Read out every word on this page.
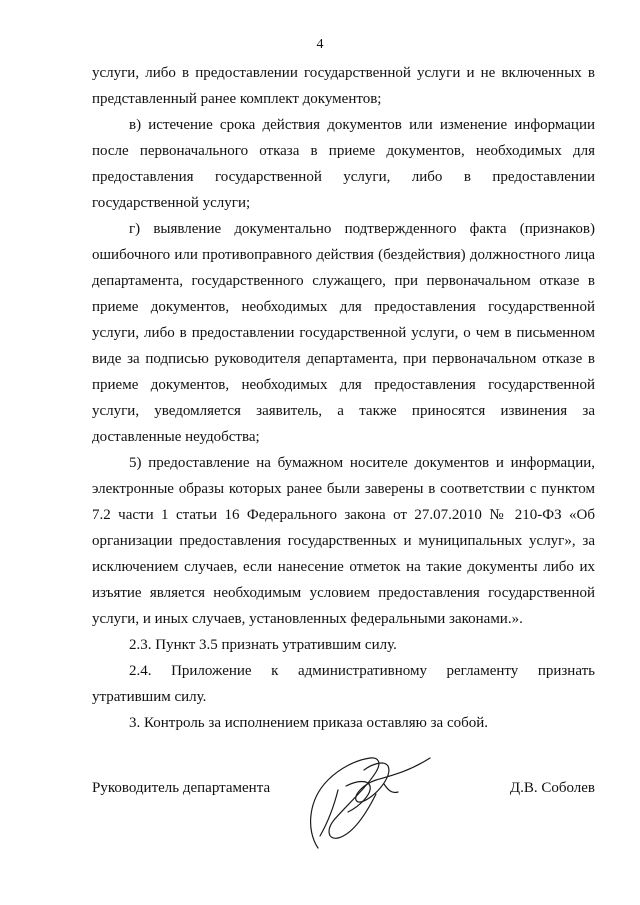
4

услуги, либо в предоставлении государственной услуги и не включенных в представленный ранее комплект документов;

в) истечение срока действия документов или изменение информации после первоначального отказа в приеме документов, необходимых для предоставления государственной услуги, либо в предоставлении государственной услуги;

г) выявление документально подтвержденного факта (признаков) ошибочного или противоправного действия (бездействия) должностного лица департамента, государственного служащего, при первоначальном отказе в приеме документов, необходимых для предоставления государственной услуги, либо в предоставлении государственной услуги, о чем в письменном виде за подписью руководителя департамента, при первоначальном отказе в приеме документов, необходимых для предоставления государственной услуги, уведомляется заявитель, а также приносятся извинения за доставленные неудобства;

5) предоставление на бумажном носителе документов и информации, электронные образы которых ранее были заверены в соответствии с пунктом 7.2 части 1 статьи 16 Федерального закона от 27.07.2010 № 210-ФЗ «Об организации предоставления государственных и муниципальных услуг», за исключением случаев, если нанесение отметок на такие документы либо их изъятие является необходимым условием предоставления государственной услуги, и иных случаев, установленных федеральными законами.».

2.3. Пункт 3.5 признать утратившим силу.

2.4. Приложение к административному регламенту признать утратившим силу.

3. Контроль за исполнением приказа оставляю за собой.

Руководитель департамента	Д.В. Соболев
